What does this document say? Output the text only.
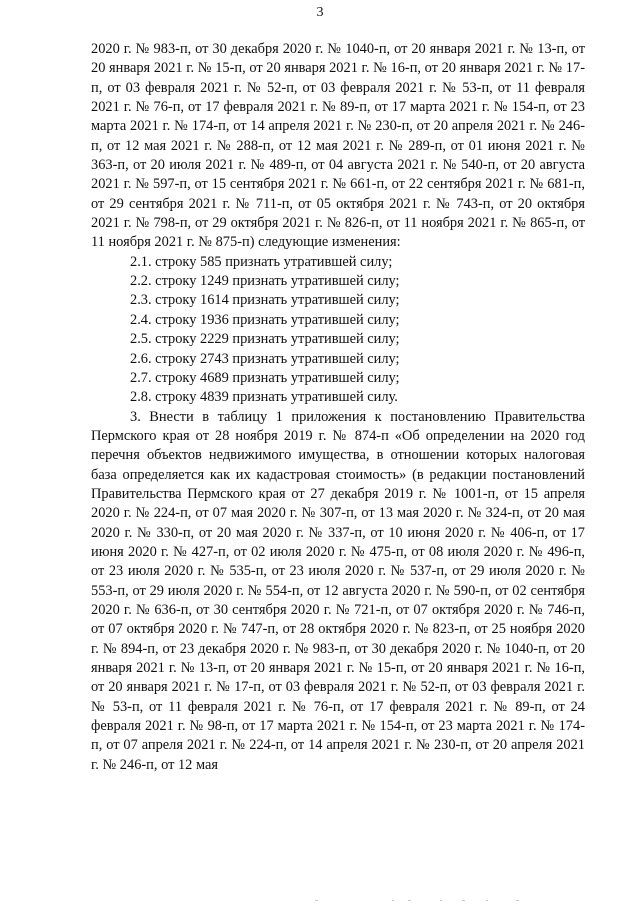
3

2020 г. № 983-п, от 30 декабря 2020 г. № 1040-п, от 20 января 2021 г. № 13-п, от 20 января 2021 г. № 15-п, от 20 января 2021 г. № 16-п, от 20 января 2021 г. № 17-п, от 03 февраля 2021 г. № 52-п, от 03 февраля 2021 г. № 53-п, от 11 февраля 2021 г. № 76-п, от 17 февраля 2021 г. № 89-п, от 17 марта 2021 г. № 154-п, от 23 марта 2021 г. № 174-п, от 14 апреля 2021 г. № 230-п, от 20 апреля 2021 г. № 246-п, от 12 мая 2021 г. № 288-п, от 12 мая 2021 г. № 289-п, от 01 июня 2021 г. № 363-п, от 20 июля 2021 г. № 489-п, от 04 августа 2021 г. № 540-п, от 20 августа 2021 г. № 597-п, от 15 сентября 2021 г. № 661-п, от 22 сентября 2021 г. № 681-п, от 29 сентября 2021 г. № 711-п, от 05 октября 2021 г. № 743-п, от 20 октября 2021 г. № 798-п, от 29 октября 2021 г. № 826-п, от 11 ноября 2021 г. № 865-п, от 11 ноября 2021 г. № 875-п) следующие изменения:

2.1. строку 585 признать утратившей силу;

2.2. строку 1249 признать утратившей силу;

2.3. строку 1614 признать утратившей силу;

2.4. строку 1936 признать утратившей силу;

2.5. строку 2229 признать утратившей силу;

2.6. строку 2743 признать утратившей силу;

2.7. строку 4689 признать утратившей силу;

2.8. строку 4839 признать утратившей силу.

3. Внести в таблицу 1 приложения к постановлению Правительства Пермского края от 28 ноября 2019 г. № 874-п «Об определении на 2020 год перечня объектов недвижимого имущества, в отношении которых налоговая база определяется как их кадастровая стоимость» (в редакции постановлений Правительства Пермского края от 27 декабря 2019 г. № 1001-п, от 15 апреля 2020 г. № 224-п, от 07 мая 2020 г. № 307-п, от 13 мая 2020 г. № 324-п, от 20 мая 2020 г. № 330-п, от 20 мая 2020 г. № 337-п, от 10 июня 2020 г. № 406-п, от 17 июня 2020 г. № 427-п, от 02 июля 2020 г. № 475-п, от 08 июля 2020 г. № 496-п, от 23 июля 2020 г. № 535-п, от 23 июля 2020 г. № 537-п, от 29 июля 2020 г. № 553-п, от 29 июля 2020 г. № 554-п, от 12 августа 2020 г. № 590-п, от 02 сентября 2020 г. № 636-п, от 30 сентября 2020 г. № 721-п, от 07 октября 2020 г. № 746-п, от 07 октября 2020 г. № 747-п, от 28 октября 2020 г. № 823-п, от 25 ноября 2020 г. № 894-п, от 23 декабря 2020 г. № 983-п, от 30 декабря 2020 г. № 1040-п, от 20 января 2021 г. № 13-п, от 20 января 2021 г. № 15-п, от 20 января 2021 г. № 16-п, от 20 января 2021 г. № 17-п, от 03 февраля 2021 г. № 52-п, от 03 февраля 2021 г. № 53-п, от 11 февраля 2021 г. № 76-п, от 17 февраля 2021 г. № 89-п, от 24 февраля 2021 г. № 98-п, от 17 марта 2021 г. № 154-п, от 23 марта 2021 г. № 174-п, от 07 апреля 2021 г. № 224-п, от 14 апреля 2021 г. № 230-п, от 20 апреля 2021 г. № 246-п, от 12 мая
